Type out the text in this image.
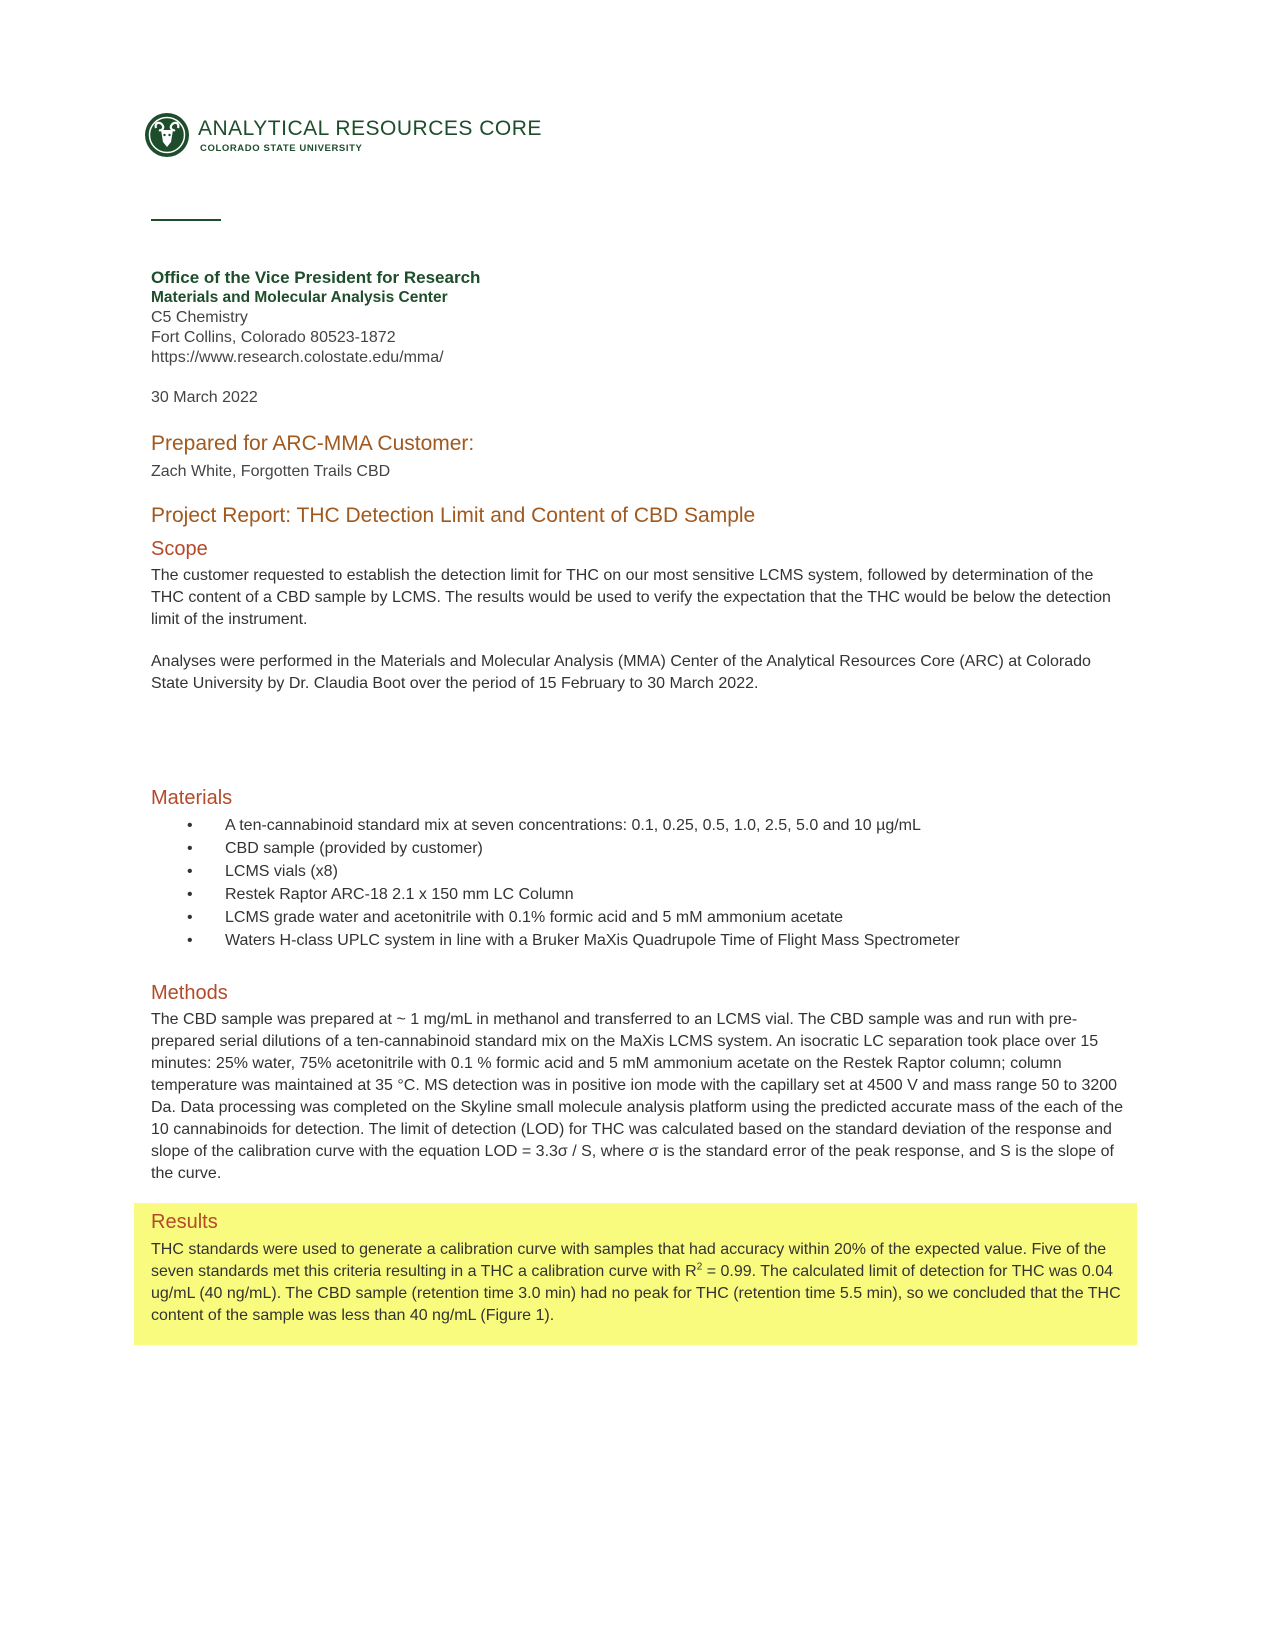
ANALYTICAL RESOURCES CORE
COLORADO STATE UNIVERSITY
Office of the Vice President for Research
Materials and Molecular Analysis Center
C5 Chemistry
Fort Collins, Colorado 80523-1872
https://www.research.colostate.edu/mma/
30 March 2022
Prepared for ARC-MMA Customer:
Zach White, Forgotten Trails CBD
Project Report: THC Detection Limit and Content of CBD Sample
Scope

The customer requested to establish the detection limit for THC on our most sensitive LCMS system, followed by determination of the THC content of a CBD sample by LCMS. The results would be used to verify the expectation that the THC would be below the detection limit of the instrument.

Analyses were performed in the Materials and Molecular Analysis (MMA) Center of the Analytical Resources Core (ARC) at Colorado State University by Dr. Claudia Boot over the period of 15 February to 30 March 2022.

Materials
• A ten-cannabinoid standard mix at seven concentrations: 0.1, 0.25, 0.5, 1.0, 2.5, 5.0 and 10 µg/mL
• CBD sample (provided by customer)
• LCMS vials (x8)
• Restek Raptor ARC-18 2.1 x 150 mm LC Column
• LCMS grade water and acetonitrile with 0.1% formic acid and 5 mM ammonium acetate
• Waters H-class UPLC system in line with a Bruker MaXis Quadrupole Time of Flight Mass Spectrometer
Methods

The CBD sample was prepared at ~ 1 mg/mL in methanol and transferred to an LCMS vial. The CBD sample was and run with pre-prepared serial dilutions of a ten-cannabinoid standard mix on the MaXis LCMS system. An isocratic LC separation took place over 15 minutes: 25% water, 75% acetonitrile with 0.1 % formic acid and 5 mM ammonium acetate on the Restek Raptor column; column temperature was maintained at 35 °C. MS detection was in positive ion mode with the capillary set at 4500 V and mass range 50 to 3200 Da. Data processing was completed on the Skyline small molecule analysis platform using the predicted accurate mass of the each of the 10 cannabinoids for detection. The limit of detection (LOD) for THC was calculated based on the standard deviation of the response and slope of the calibration curve with the equation LOD = 3.3σ / S, where σ is the standard error of the peak response, and S is the slope of the curve.

Results

THC standards were used to generate a calibration curve with samples that had accuracy within 20% of the expected value. Five of the seven standards met this criteria resulting in a THC a calibration curve with $R^2 = 0.99$. The calculated limit of detection for THC was 0.04 ug/mL (40 ng/mL). The CBD sample (retention time 3.0 min) had no peak for THC (retention time 5.5 min), so we concluded that the THC content of the sample was less than 40 ng/mL (Figure 1).
